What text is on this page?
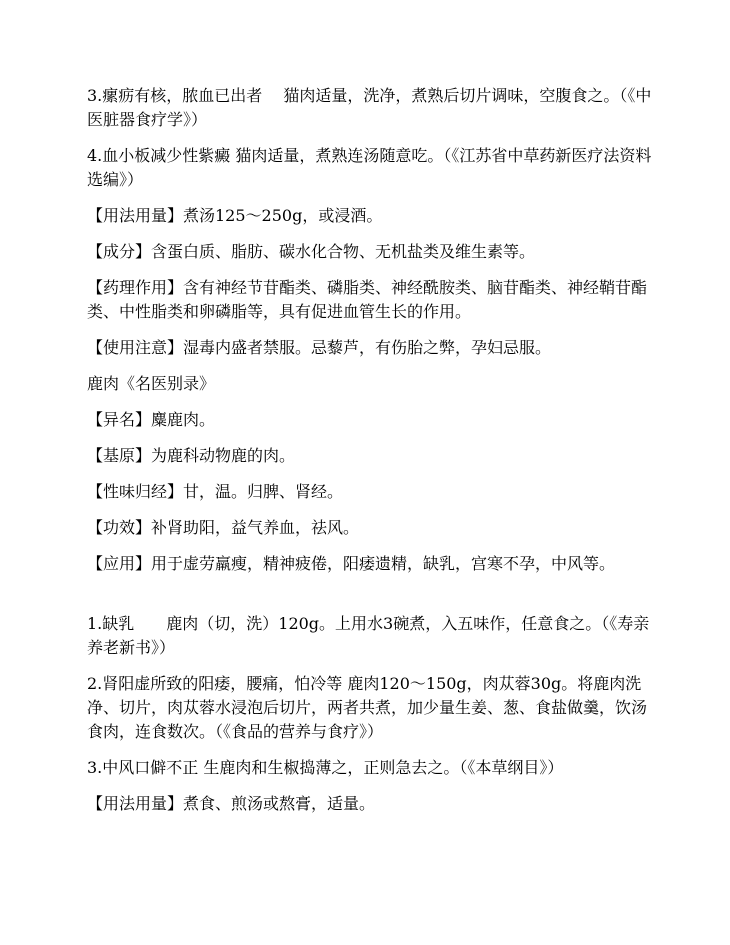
3.瘰疬有核，脓血已出者　 猫肉适量，洗净，煮熟后切片调味，空腹食之。（《中医脏器食疗学》）

4.血小板减少性紫癜 猫肉适量，煮熟连汤随意吃。（《江苏省中草药新医疗法资料选编》）

【用法用量】煮汤125～250g，或浸酒。

【成分】含蛋白质、脂肪、碳水化合物、无机盐类及维生素等。

【药理作用】含有神经节苷酯类、磷脂类、神经酰胺类、脑苷酯类、神经鞘苷酯类、中性脂类和卵磷脂等，具有促进血管生长的作用。

【使用注意】湿毒内盛者禁服。忌藜芦，有伤胎之弊，孕妇忌服。

鹿肉《名医别录》

【异名】麋鹿肉。

【基原】为鹿科动物鹿的肉。

【性味归经】甘，温。归脾、肾经。

【功效】补肾助阳，益气养血，祛风。

【应用】用于虚劳羸瘦，精神疲倦，阳痿遗精，缺乳，宫寒不孕，中风等。

1.缺乳　　鹿肉（切，洗）120g。上用水3碗煮，入五味作，任意食之。（《寿亲养老新书》）

2.肾阳虚所致的阳痿，腰痛，怕冷等 鹿肉120～150g，肉苁蓉30g。将鹿肉洗净、切片，肉苁蓉水浸泡后切片，两者共煮，加少量生姜、葱、食盐做羹，饮汤食肉，连食数次。（《食品的营养与食疗》）

3.中风口僻不正 生鹿肉和生椒捣薄之，正则急去之。（《本草纲目》）

【用法用量】煮食、煎汤或熬膏，适量。
